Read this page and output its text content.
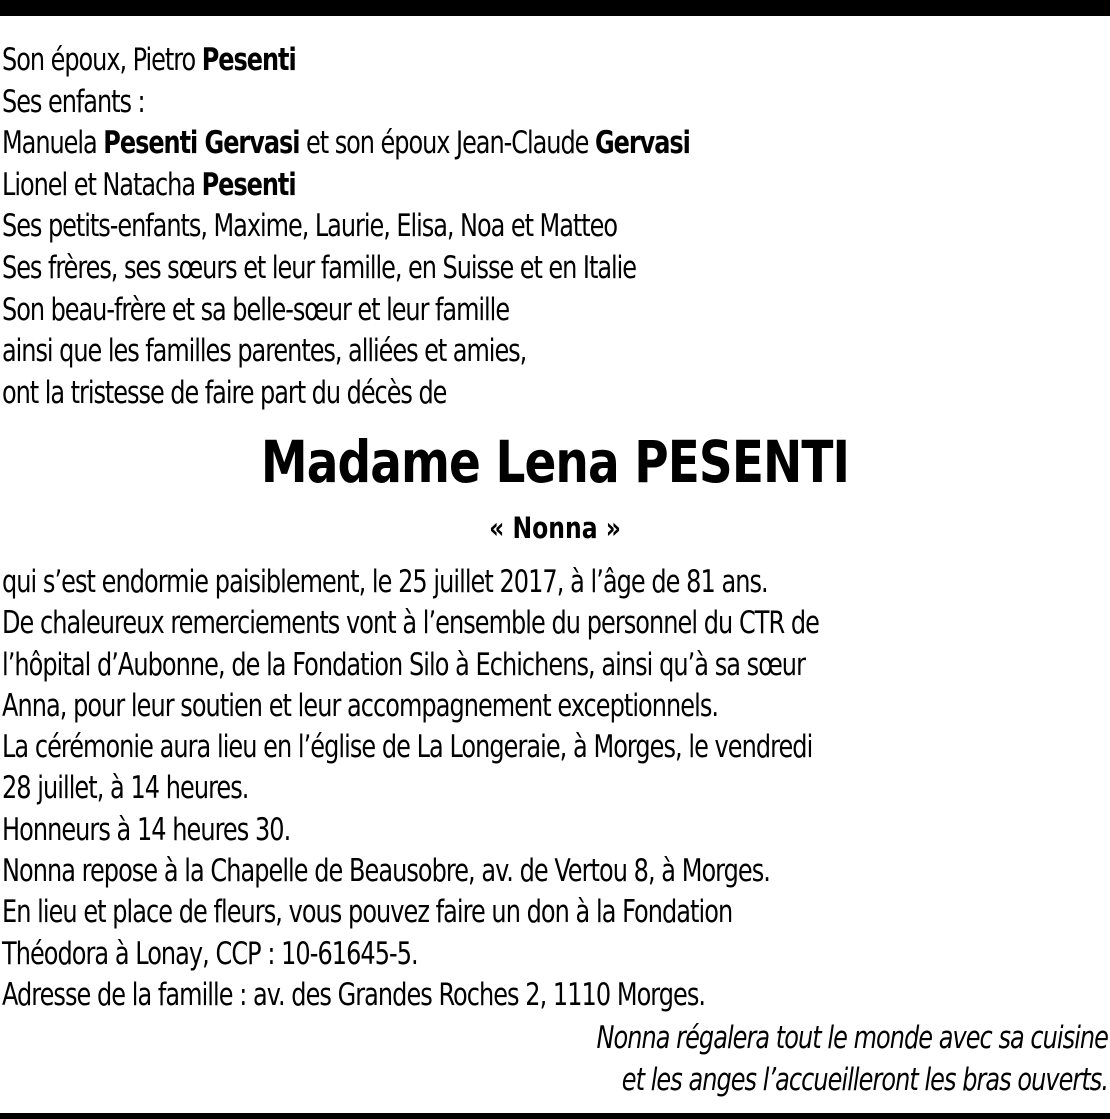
Son époux, Pietro Pesenti
Ses enfants :
Manuela Pesenti Gervasi et son époux Jean-Claude Gervasi
Lionel et Natacha Pesenti
Ses petits-enfants, Maxime, Laurie, Elisa, Noa et Matteo
Ses frères, ses sœurs et leur famille, en Suisse et en Italie
Son beau-frère et sa belle-sœur et leur famille
ainsi que les familles parentes, alliées et amies,
ont la tristesse de faire part du décès de
Madame Lena PESENTI
« Nonna »
qui s’est endormie paisiblement, le 25 juillet 2017, à l’âge de 81 ans.
De chaleureux remerciements vont à l’ensemble du personnel du CTR de
l’hôpital d’Aubonne, de la Fondation Silo à Echichens, ainsi qu’à sa sœur
Anna, pour leur soutien et leur accompagnement exceptionnels.
La cérémonie aura lieu en l’église de La Longeraie, à Morges, le vendredi
28 juillet, à 14 heures.
Honneurs à 14 heures 30.
Nonna repose à la Chapelle de Beausobre, av. de Vertou 8, à Morges.
En lieu et place de fleurs, vous pouvez faire un don à la Fondation
Théodora à Lonay, CCP : 10-61645-5.
Adresse de la famille : av. des Grandes Roches 2, 1110 Morges.
Nonna régalera tout le monde avec sa cuisine
et les anges l’accueilleront les bras ouverts.
